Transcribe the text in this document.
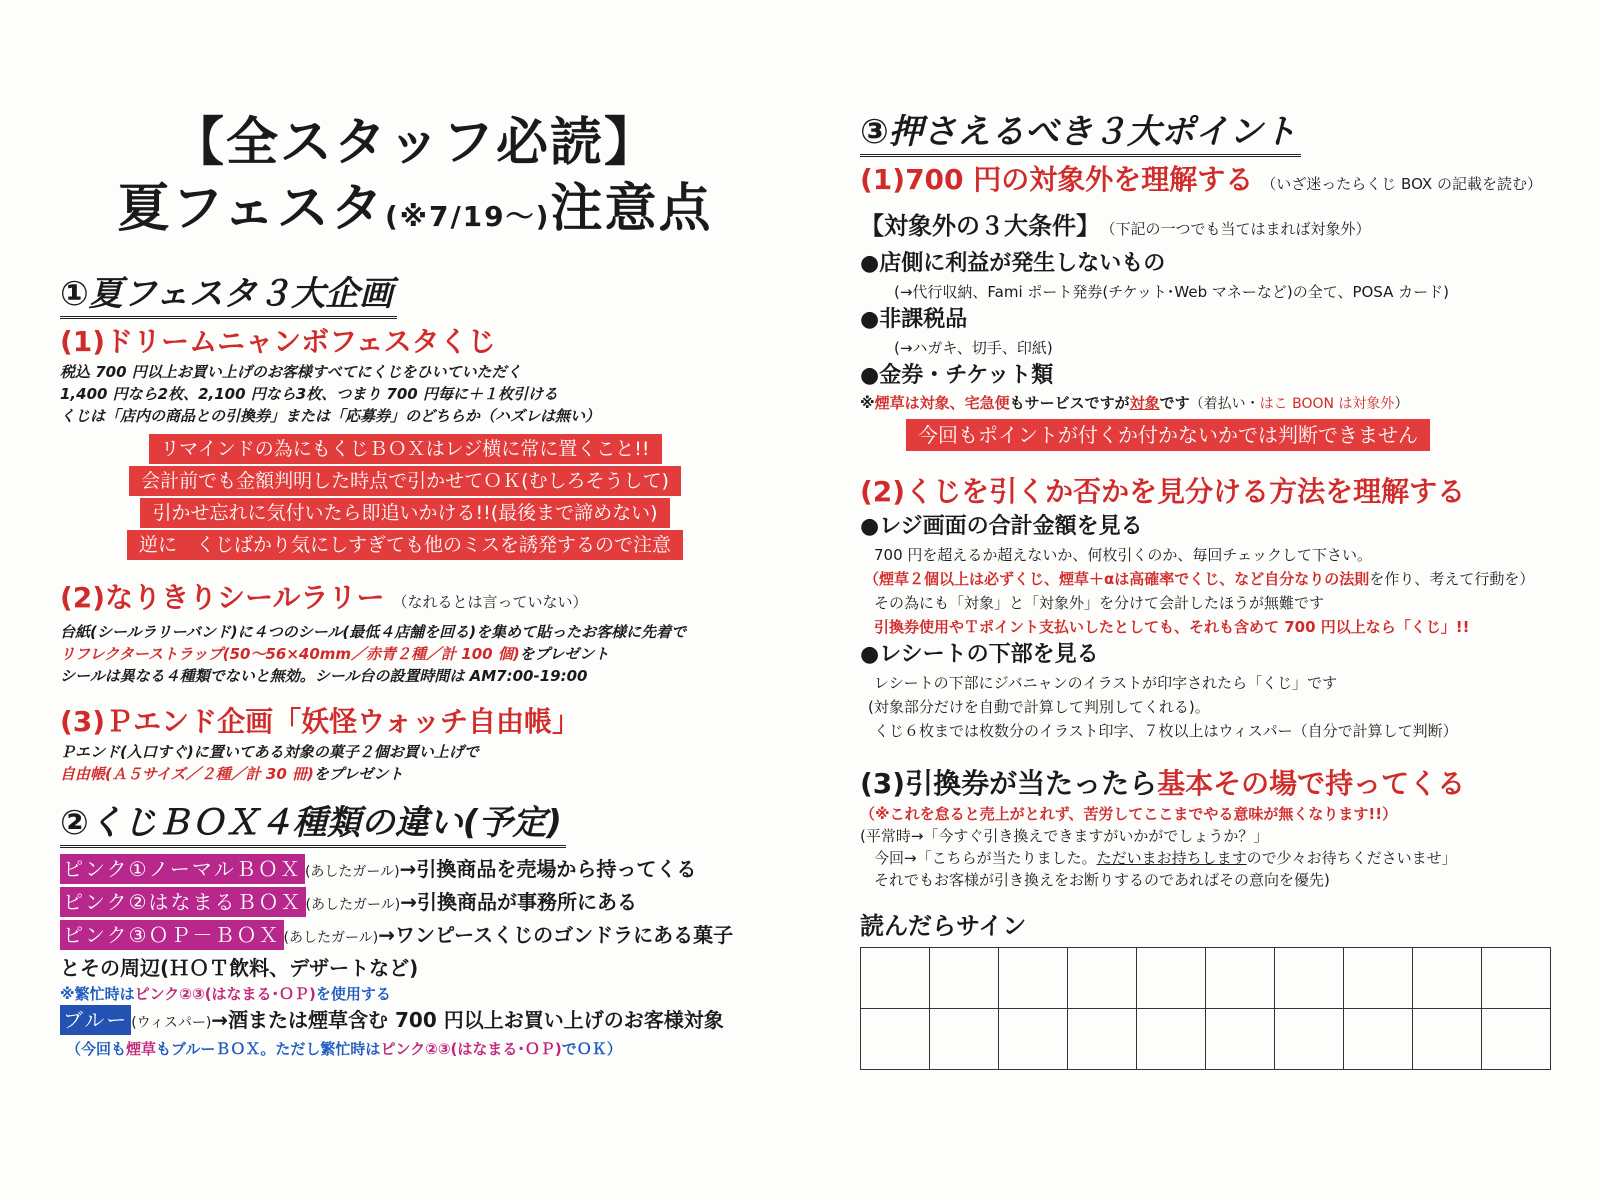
【全スタッフ必読】
夏フェスタ(※7/19〜)注意点
①夏フェスタ３大企画
(1)ドリームニャンボフェスタくじ
税込 700 円以上お買い上げのお客様すべてにくじをひいていただく
1,400 円なら2枚、2,100 円なら3枚、つまり 700 円毎に＋１枚引ける
くじは「店内の商品との引換券」または「応募券」のどちらか（ハズレは無い）
リマインドの為にもくじＢＯＸはレジ横に常に置くこと!!
会計前でも金額判明した時点で引かせてＯＫ(むしろそうして)
引かせ忘れに気付いたら即追いかける!!(最後まで諦めない)
逆に　くじばかり気にしすぎても他のミスを誘発するので注意
(2)なりきりシールラリー （なれるとは言っていない）
台紙(シールラリーバンド)に４つのシール(最低４店舗を回る)を集めて貼ったお客様に先着で
リフレクターストラップ(50〜56×40mm／赤青２種／計 100 個)をプレゼント
シールは異なる４種類でないと無効。シール台の設置時間は AM7:00-19:00
(3)Ｐエンド企画「妖怪ウォッチ自由帳」
Ｐエンド(入口すぐ)に置いてある対象の菓子２個お買い上げで
自由帳(Ａ５サイズ／２種／計 30 冊)をプレゼント
②くじＢＯＸ４種類の違い(予定)
ピンク①ノーマルＢＯＸ (あしたガール)→引換商品を売場から持ってくる
ピンク②はなまるＢＯＸ (あしたガール)→引換商品が事務所にある
ピンク③ＯＰ－ＢＯＸ (あしたガール)→ワンピースくじのゴンドラにある菓子
とその周辺(ＨＯＴ飲料、デザートなど)
※繁忙時はピンク②③(はなまる･ＯＰ)を使用する
ブルー (ウィスパー)→酒または煙草含む 700 円以上お買い上げのお客様対象
（今回も煙草もブルーＢＯＸ。ただし繁忙時はピンク②③(はなまる･ＯＰ)でＯＫ）
③押さえるべき３大ポイント
(1)700 円の対象外を理解する （いざ迷ったらくじ BOX の記載を読む）
【対象外の３大条件】 （下記の一つでも当てはまれば対象外）
●店側に利益が発生しないもの
(→代行収納、Fami ポート発券(チケット･Web マネーなど)の全て、POSA カード)
●非課税品
(→ハガキ、切手、印紙)
●金券・チケット類
※煙草は対象、宅急便もサービスですが対象です（着払い・はこ BOON は対象外）
今回もポイントが付くか付かないかでは判断できません
(2)くじを引くか否かを見分ける方法を理解する
●レジ画面の合計金額を見る
700 円を超えるか超えないか、何枚引くのか、毎回チェックして下さい。
（煙草２個以上は必ずくじ、煙草＋αは高確率でくじ、など自分なりの法則を作り、考えて行動を）
その為にも「対象」と「対象外」を分けて会計したほうが無難です
引換券使用やＴポイント支払いしたとしても、それも含めて 700 円以上なら「くじ」!!
●レシートの下部を見る
レシートの下部にジバニャンのイラストが印字されたら「くじ」です
(対象部分だけを自動で計算して判別してくれる)。
くじ６枚までは枚数分のイラスト印字、７枚以上はウィスパー（自分で計算して判断）
(3)引換券が当たったら基本その場で持ってくる
（※これを怠ると売上がとれず、苦労してここまでやる意味が無くなります!!）
(平常時→「今すぐ引き換えできますがいかがでしょうか？」
今回→「こちらが当たりました。ただいまお持ちしますので少々お待ちくださいませ」
それでもお客様が引き換えをお断りするのであればその意向を優先)
読んだらサイン
